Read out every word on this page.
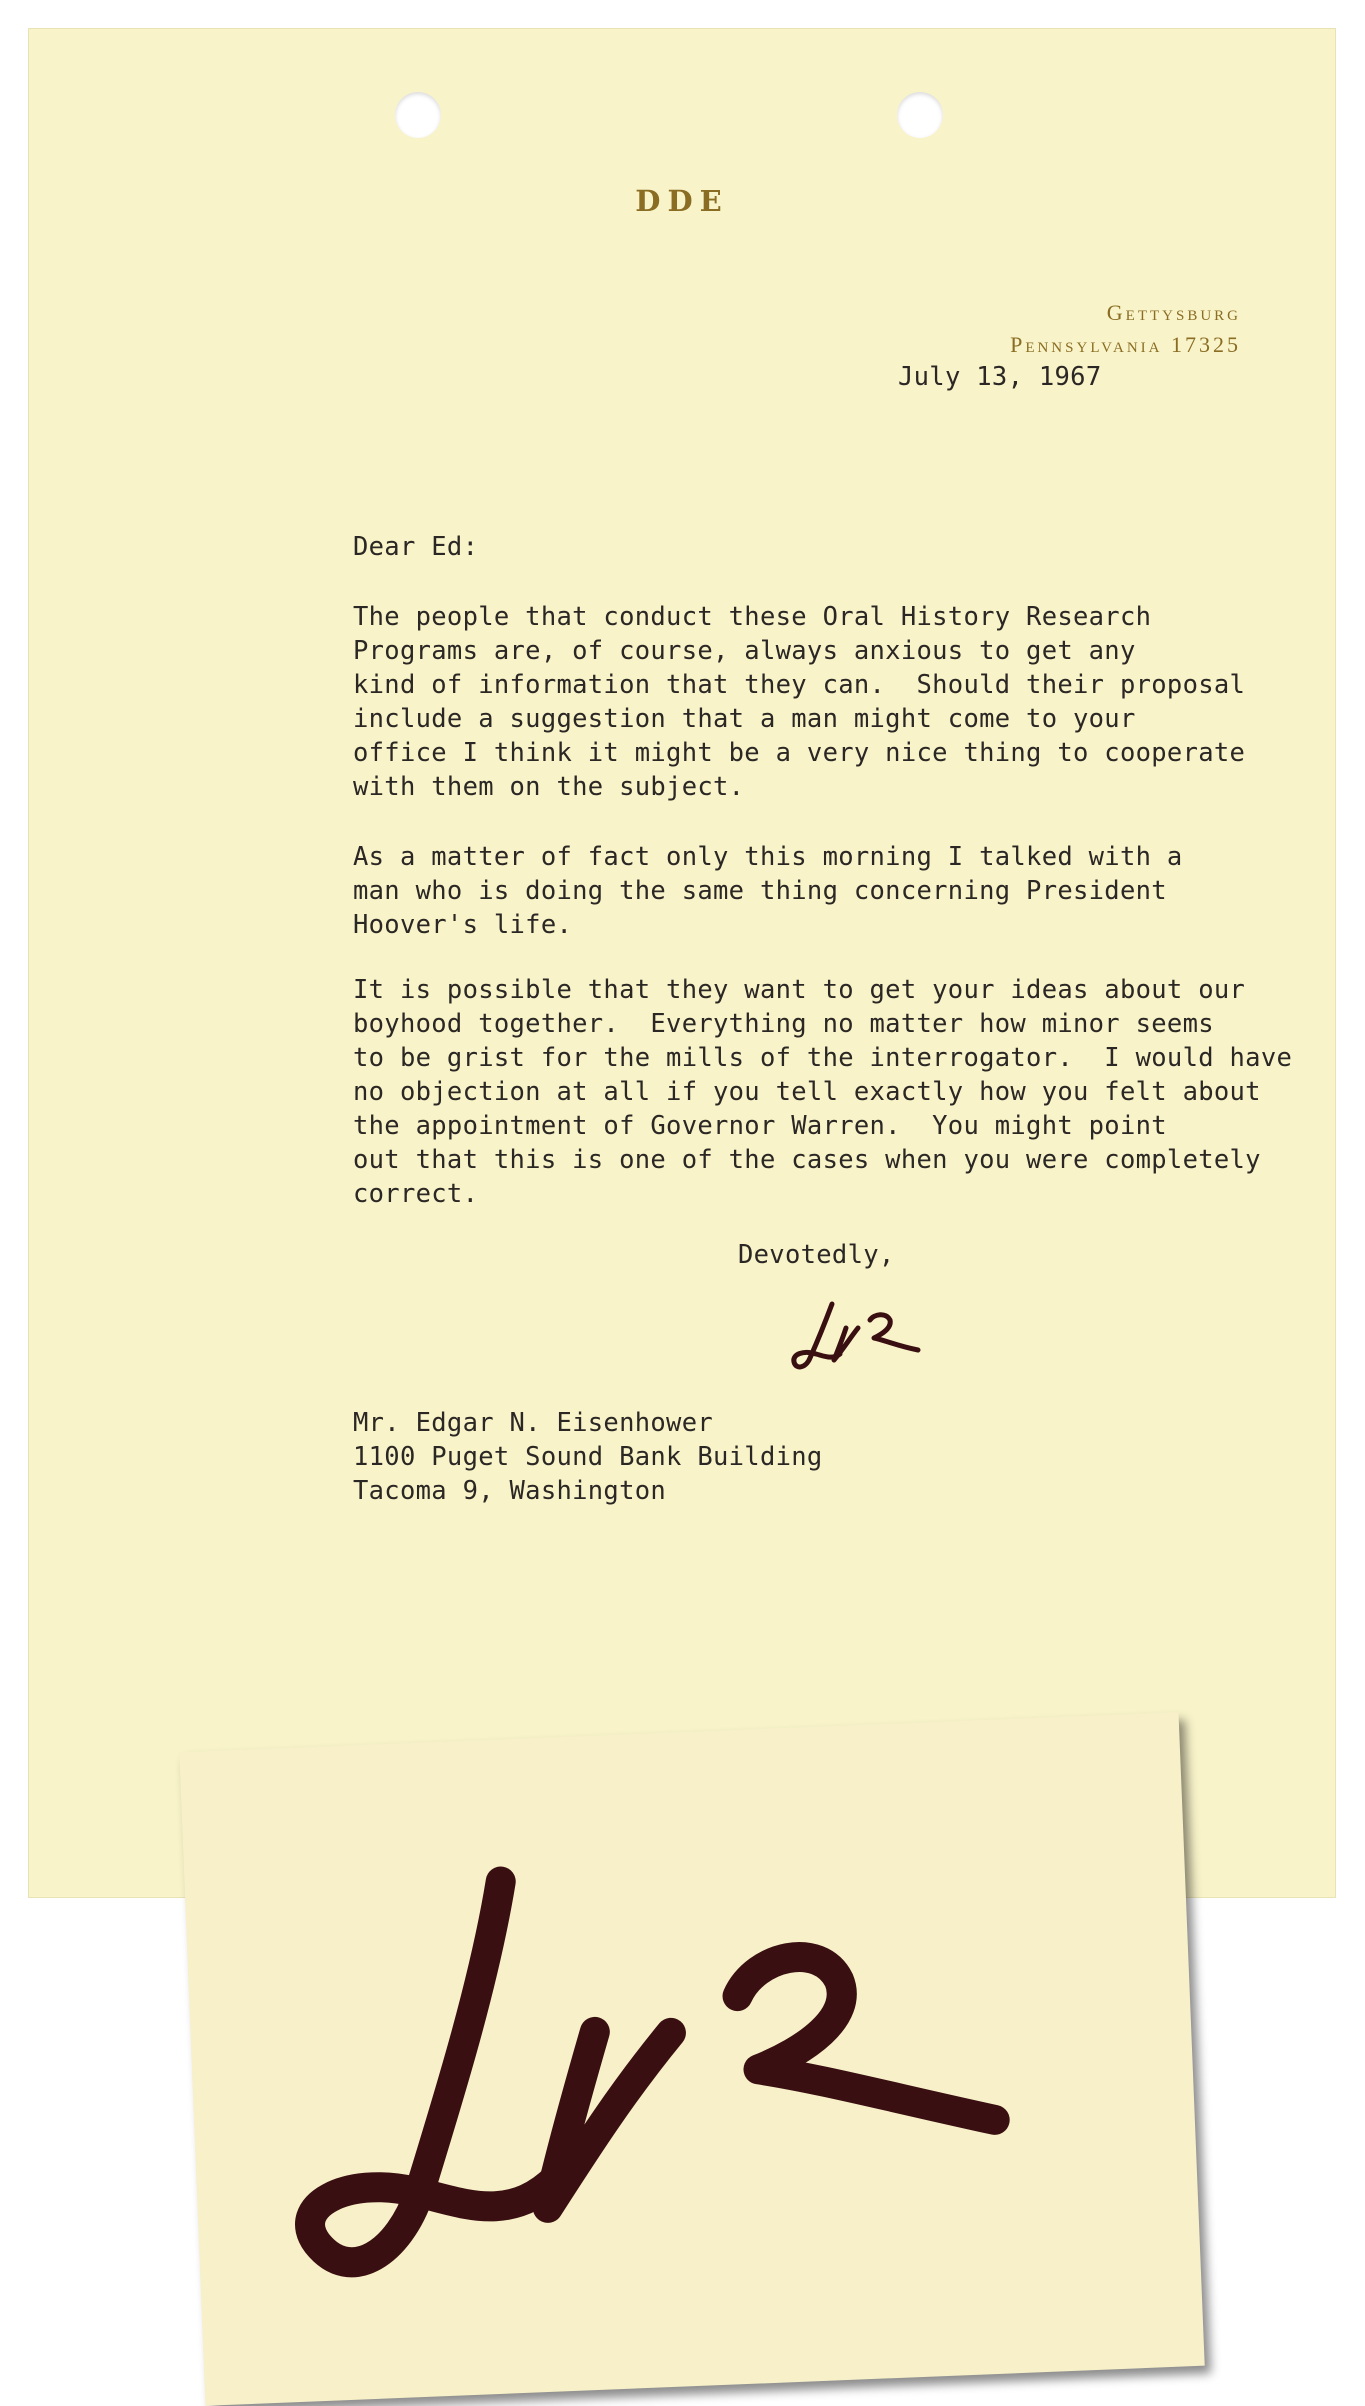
DDE
Gettysburg
Pennsylvania 17325
July 13, 1967
Dear Ed:
The people that conduct these Oral History Research
Programs are, of course, always anxious to get any
kind of information that they can.  Should their proposal
include a suggestion that a man might come to your
office I think it might be a very nice thing to cooperate
with them on the subject.
As a matter of fact only this morning I talked with a
man who is doing the same thing concerning President
Hoover's life.
It is possible that they want to get your ideas about our
boyhood together.  Everything no matter how minor seems
to be grist for the mills of the interrogator.  I would have
no objection at all if you tell exactly how you felt about
the appointment of Governor Warren.  You might point
out that this is one of the cases when you were completely
correct.
Devotedly,
Mr. Edgar N. Eisenhower
1100 Puget Sound Bank Building
Tacoma 9, Washington
